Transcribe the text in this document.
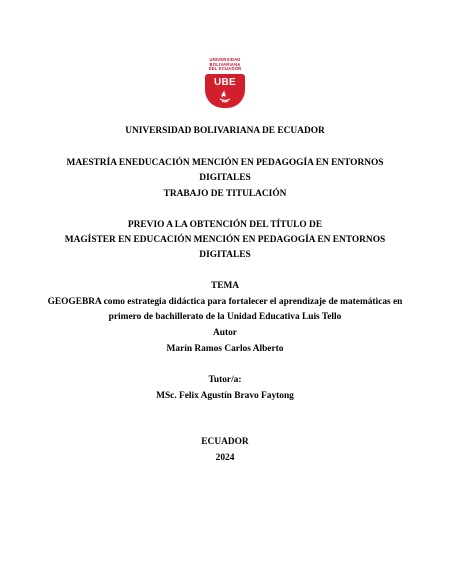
UNIVERSIDAD
BOLIVARIANA
DEL ECUADOR
UBE
UNIVERSIDAD BOLIVARIANA DE ECUADOR
MAESTRÍA ENEDUCACIÓN MENCIÓN EN PEDAGOGÍA EN ENTORNOS
DIGITALES
TRABAJO DE TITULACIÓN
PREVIO A LA OBTENCIÓN DEL TÍTULO DE
MAGÍSTER EN EDUCACIÓN MENCIÓN EN PEDAGOGÍA EN ENTORNOS
DIGITALES
TEMA
GEOGEBRA como estrategia didáctica para fortalecer el aprendizaje de matemáticas en
primero de bachillerato de la Unidad Educativa Luis Tello
Autor
Marín Ramos Carlos Alberto
Tutor/a:
MSc. Felix Agustín Bravo Faytong
ECUADOR
2024
